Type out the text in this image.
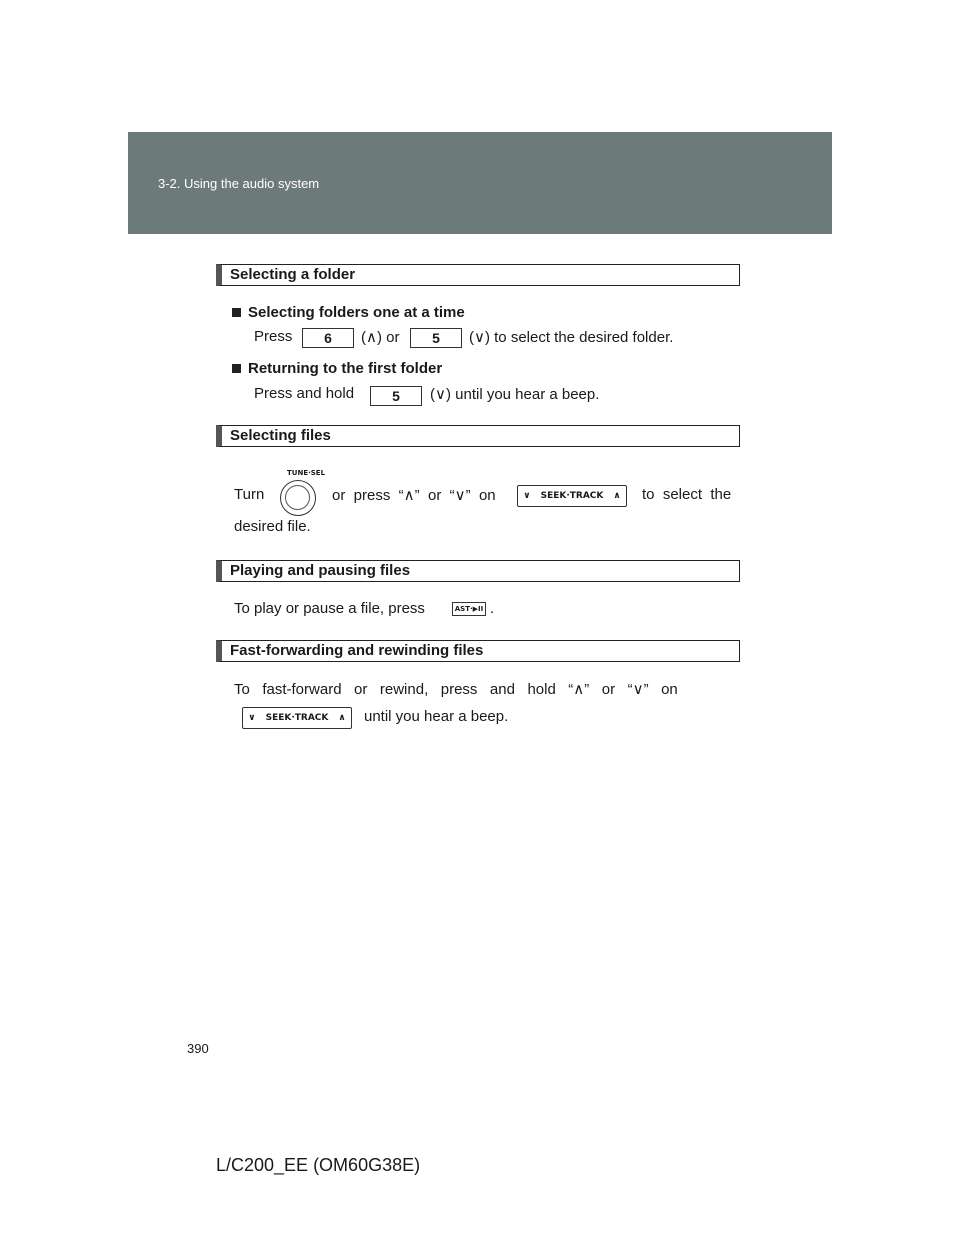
3-2. Using the audio system
Selecting a folder
Selecting folders one at a time
Press	6	(∧) or	5	(∨) to select the desired folder.
Returning to the first folder
Press and hold	5	(∨) until you hear a beep.
Selecting files
TUNE·SEL
Turn	or  press  “∧”  or  “∨”  on	∨ SEEK·TRACK ∧ to  select  the
desired file.
Playing and pausing files
To play or pause a file, press	AST·▶II .
Fast-forwarding and rewinding files
To   fast-forward   or   rewind,   press   and   hold   “∧”   or   “∨”   on
∨ SEEK·TRACK ∧ until you hear a beep.
390
L/C200_EE (OM60G38E)
